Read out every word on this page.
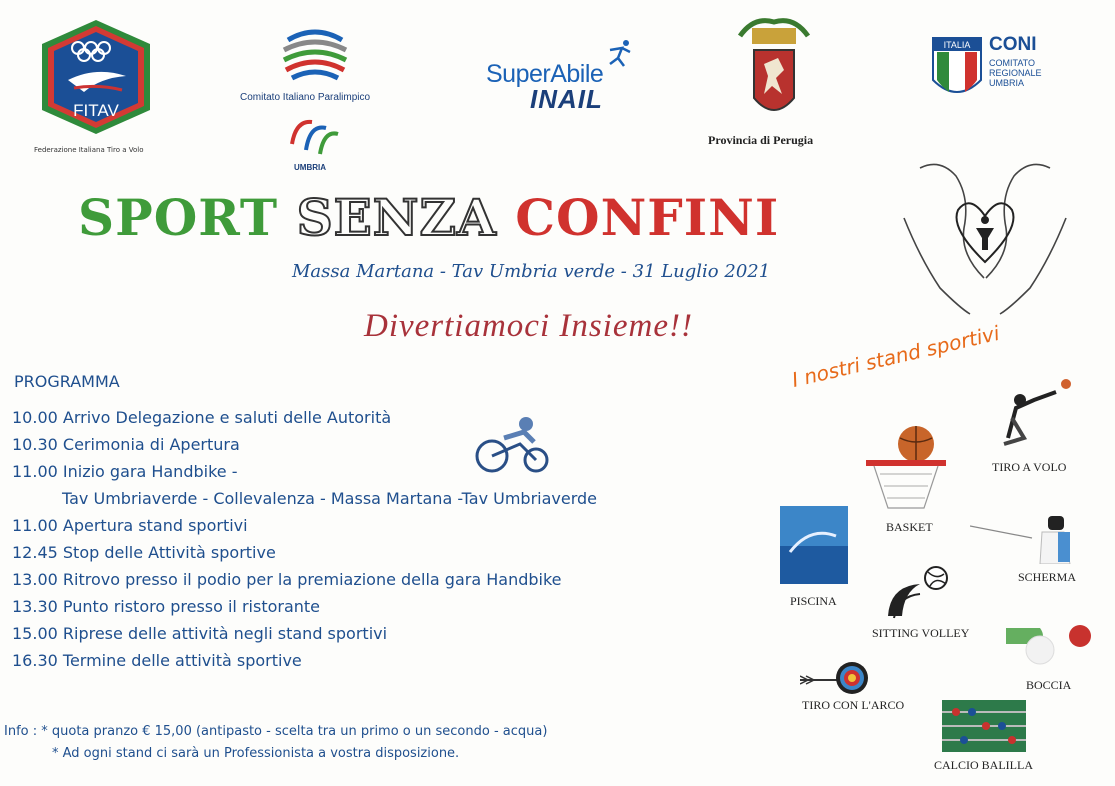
FITAV
Federazione Italiana Tiro a Volo
Comitato Italiano Paralimpico
UMBRIA
SuperAbile
INAIL
Provincia di Perugia
ITALIA CONI
COMITATO
REGIONALE
UMBRIA
SPORT SENZA CONFINI
Massa Martana - Tav Umbria verde - 31 Luglio 2021
Divertiamoci Insieme!!
PROGRAMMA
10.00 Arrivo Delegazione e saluti delle Autorità
10.30 Cerimonia di Apertura
11.00 Inizio gara Handbike -
Tav Umbriaverde - Collevalenza - Massa Martana -Tav Umbriaverde
11.00 Apertura stand sportivi
12.45 Stop delle Attività sportive
13.00 Ritrovo presso il podio per la premiazione della gara Handbike
13.30 Punto ristoro presso il ristorante
15.00 Riprese delle attività negli stand sportivi
16.30 Termine delle attività sportive
Info : * quota pranzo € 15,00 (antipasto - scelta tra un primo o un secondo - acqua)
* Ad ogni stand ci sarà un Professionista a vostra disposizione.
I nostri stand sportivi
TIRO A VOLO
BASKET
PISCINA
SCHERMA
SITTING VOLLEY
BOCCIA
TIRO CON L'ARCO
CALCIO BALILLA
